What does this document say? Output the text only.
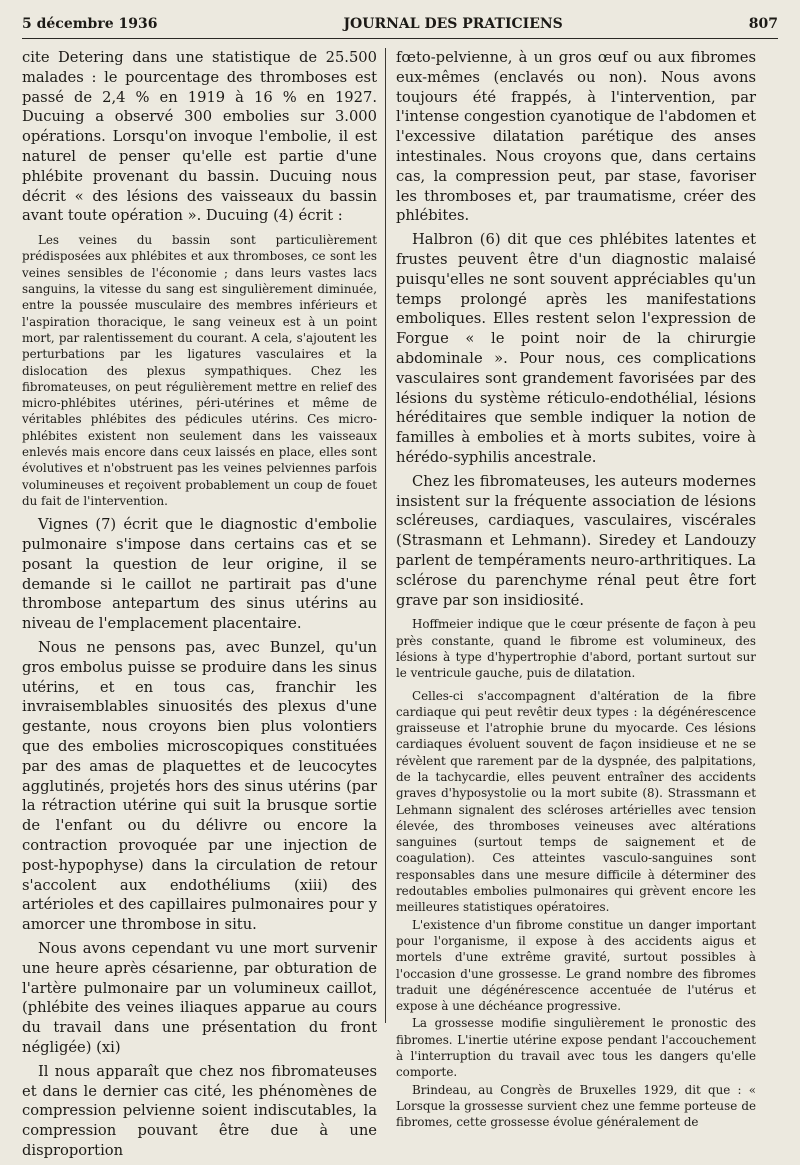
5 décembre 1936	JOURNAL DES PRATICIENS	807

cite Detering dans une statistique de 25.500 malades : le pourcentage des thromboses est passé de 2,4 % en 1919 à 16 % en 1927. Ducuing a observé 300 embolies sur 3.000 opérations. Lorsqu'on invoque l'embolie, il est naturel de penser qu'elle est partie d'une phlébite provenant du bassin. Ducuing nous décrit « des lésions des vaisseaux du bassin avant toute opération ». Ducuing (4) écrit :

Les veines du bassin sont particulièrement prédisposées aux phlébites et aux thromboses, ce sont les veines sensibles de l'économie ; dans leurs vastes lacs sanguins, la vitesse du sang est singulièrement diminuée, entre la poussée musculaire des membres inférieurs et l'aspiration thoracique, le sang veineux est à un point mort, par ralentissement du courant. A cela, s'ajoutent les perturbations par les ligatures vasculaires et la dislocation des plexus sympathiques. Chez les fibromateuses, on peut régulièrement mettre en relief des micro-phlébites utérines, péri-utérines et même de véritables phlébites des pédicules utérins. Ces micro-phlébites existent non seulement dans les vaisseaux enlevés mais encore dans ceux laissés en place, elles sont évolutives et n'obstruent pas les veines pelviennes parfois volumineuses et reçoivent probablement un coup de fouet du fait de l'intervention.

Vignes (7) écrit que le diagnostic d'embolie pulmonaire s'impose dans certains cas et se posant la question de leur origine, il se demande si le caillot ne partirait pas d'une thrombose antepartum des sinus utérins au niveau de l'emplacement placentaire.

Nous ne pensons pas, avec Bunzel, qu'un gros embolus puisse se produire dans les sinus utérins, et en tous cas, franchir les invraisemblables sinuosités des plexus d'une gestante, nous croyons bien plus volontiers que des embolies microscopiques constituées par des amas de plaquettes et de leucocytes agglutinés, projetés hors des sinus utérins (par la rétraction utérine qui suit la brusque sortie de l'enfant ou du délivre ou encore la contraction provoquée par une injection de post-hypophyse) dans la circulation de retour s'accolent aux endothéliums (xiii) des artérioles et des capillaires pulmonaires pour y amorcer une thrombose in situ.

Nous avons cependant vu une mort survenir une heure après césarienne, par obturation de l'artère pulmonaire par un volumineux caillot, (phlébite des veines iliaques apparue au cours du travail dans une présentation du front négligée) (xi)

Il nous apparaît que chez nos fibromateuses et dans le dernier cas cité, les phénomènes de compression pelvienne soient indiscutables, la compression pouvant être due à une disproportion

fœto-pelvienne, à un gros œuf ou aux fibromes eux-mêmes (enclavés ou non). Nous avons toujours été frappés, à l'intervention, par l'intense congestion cyanotique de l'abdomen et l'excessive dilatation parétique des anses intestinales. Nous croyons que, dans certains cas, la compression peut, par stase, favoriser les thromboses et, par traumatisme, créer des phlébites.

Halbron (6) dit que ces phlébites latentes et frustes peuvent être d'un diagnostic malaisé puisqu'elles ne sont souvent appréciables qu'un temps prolongé après les manifestations emboliques. Elles restent selon l'expression de Forgue « le point noir de la chirurgie abdominale ». Pour nous, ces complications vasculaires sont grandement favorisées par des lésions du système réticulo-endothélial, lésions héréditaires que semble indiquer la notion de familles à embolies et à morts subites, voire à hérédo-syphilis ancestrale.

Chez les fibromateuses, les auteurs modernes insistent sur la fréquente association de lésions scléreuses, cardiaques, vasculaires, viscérales (Strasmann et Lehmann). Siredey et Landouzy parlent de tempéraments neuro-arthritiques. La sclérose du parenchyme rénal peut être fort grave par son insidiosité.

Hoffmeier indique que le cœur présente de façon à peu près constante, quand le fibrome est volumineux, des lésions à type d'hypertrophie d'abord, portant surtout sur le ventricule gauche, puis de dilatation.

Celles-ci s'accompagnent d'altération de la fibre cardiaque qui peut revêtir deux types : la dégénérescence graisseuse et l'atrophie brune du myocarde. Ces lésions cardiaques évoluent souvent de façon insidieuse et ne se révèlent que rarement par de la dyspnée, des palpitations, de la tachycardie, elles peuvent entraîner des accidents graves d'hyposystolie ou la mort subite (8). Strassmann et Lehmann signalent des scléroses artérielles avec tension élevée, des thromboses veineuses avec altérations sanguines (surtout temps de saignement et de coagulation). Ces atteintes vasculo-sanguines sont responsables dans une mesure difficile à déterminer des redoutables embolies pulmonaires qui grèvent encore les meilleures statistiques opératoires.

L'existence d'un fibrome constitue un danger important pour l'organisme, il expose à des accidents aigus et mortels d'une extrême gravité, surtout possibles à l'occasion d'une grossesse. Le grand nombre des fibromes traduit une dégénérescence accentuée de l'utérus et expose à une déchéance progressive.

La grossesse modifie singulièrement le pronostic des fibromes. L'inertie utérine expose pendant l'accouchement à l'interruption du travail avec tous les dangers qu'elle comporte.

Brindeau, au Congrès de Bruxelles 1929, dit que : « Lorsque la grossesse survient chez une femme porteuse de fibromes, cette grossesse évolue généralement de
